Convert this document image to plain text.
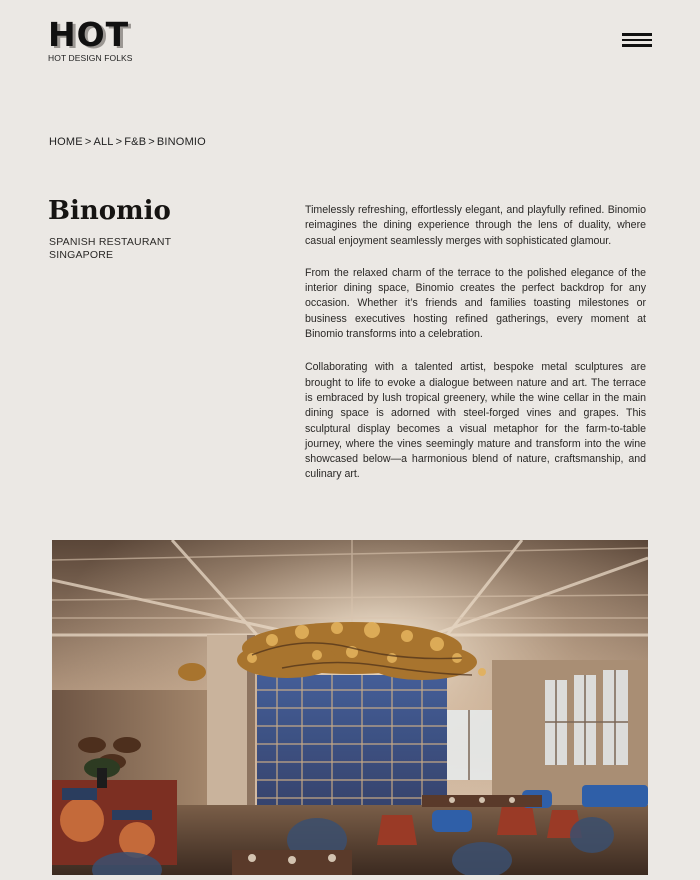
HOT
HOT DESIGN FOLKS
HOME > ALL > F&B > BINOMIO
Binomio
SPANISH RESTAURANT
SINGAPORE

Timelessly refreshing, effortlessly elegant, and playfully refined. Binomio reimagines the dining experience through the lens of duality, where casual enjoyment seamlessly merges with sophisticated glamour.

From the relaxed charm of the terrace to the polished elegance of the interior dining space, Binomio creates the perfect backdrop for any occasion. Whether it’s friends and families toasting milestones or business executives hosting refined gatherings, every moment at Binomio transforms into a celebration.

Collaborating with a talented artist, bespoke metal sculptures are brought to life to evoke a dialogue between nature and art. The terrace is embraced by lush tropical greenery, while the wine cellar in the main dining space is adorned with steel-forged vines and grapes. This sculptural display becomes a visual metaphor for the farm-to-table journey, where the vines seemingly mature and transform into the wine showcased below—a harmonious blend of nature, craftsmanship, and culinary art.
